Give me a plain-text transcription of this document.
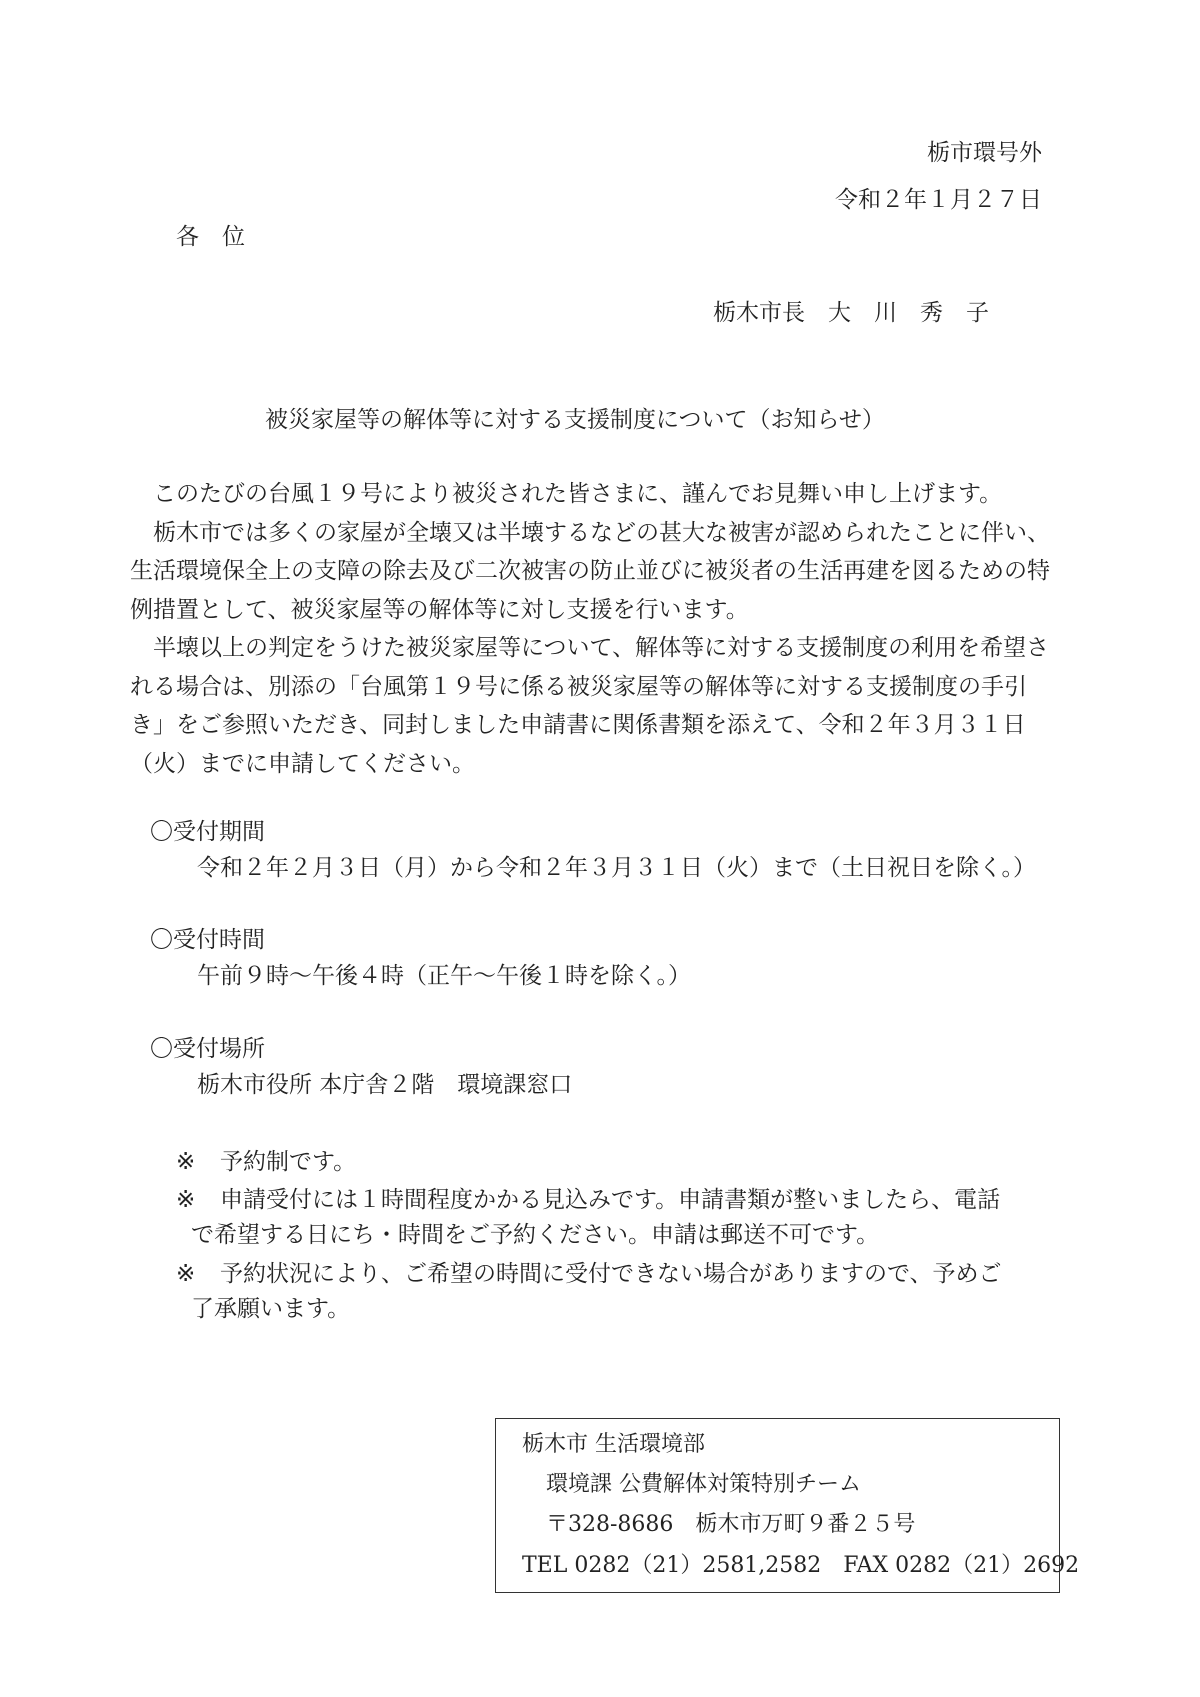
栃市環号外
令和２年１月２７日
各　位
栃木市長　大　川　秀　子
被災家屋等の解体等に対する支援制度について（お知らせ）

このたびの台風１９号により被災された皆さまに、謹んでお見舞い申し上げます。

栃木市では多くの家屋が全壊又は半壊するなどの甚大な被害が認められたことに伴い、生活環境保全上の支障の除去及び二次被害の防止並びに被災者の生活再建を図るための特例措置として、被災家屋等の解体等に対し支援を行います。

半壊以上の判定をうけた被災家屋等について、解体等に対する支援制度の利用を希望される場合は、別添の「台風第１９号に係る被災家屋等の解体等に対する支援制度の手引き」をご参照いただき、同封しました申請書に関係書類を添えて、令和２年３月３１日（火）までに申請してください。

〇受付期間
令和２年２月３日（月）から令和２年３月３１日（火）まで（土日祝日を除く。）
〇受付時間
午前９時～午後４時（正午～午後１時を除く。）
〇受付場所
栃木市役所 本庁舎２階　環境課窓口
※ 予約制です。
※ 申請受付には１時間程度かかる見込みです。申請書類が整いましたら、電話
で希望する日にち・時間をご予約ください。申請は郵送不可です。
※ 予約状況により、ご希望の時間に受付できない場合がありますので、予めご
了承願います。
栃木市 生活環境部
環境課 公費解体対策特別チーム
〒328-8686　栃木市万町９番２５号
TEL 0282（21）2581,2582　FAX 0282（21）2692
